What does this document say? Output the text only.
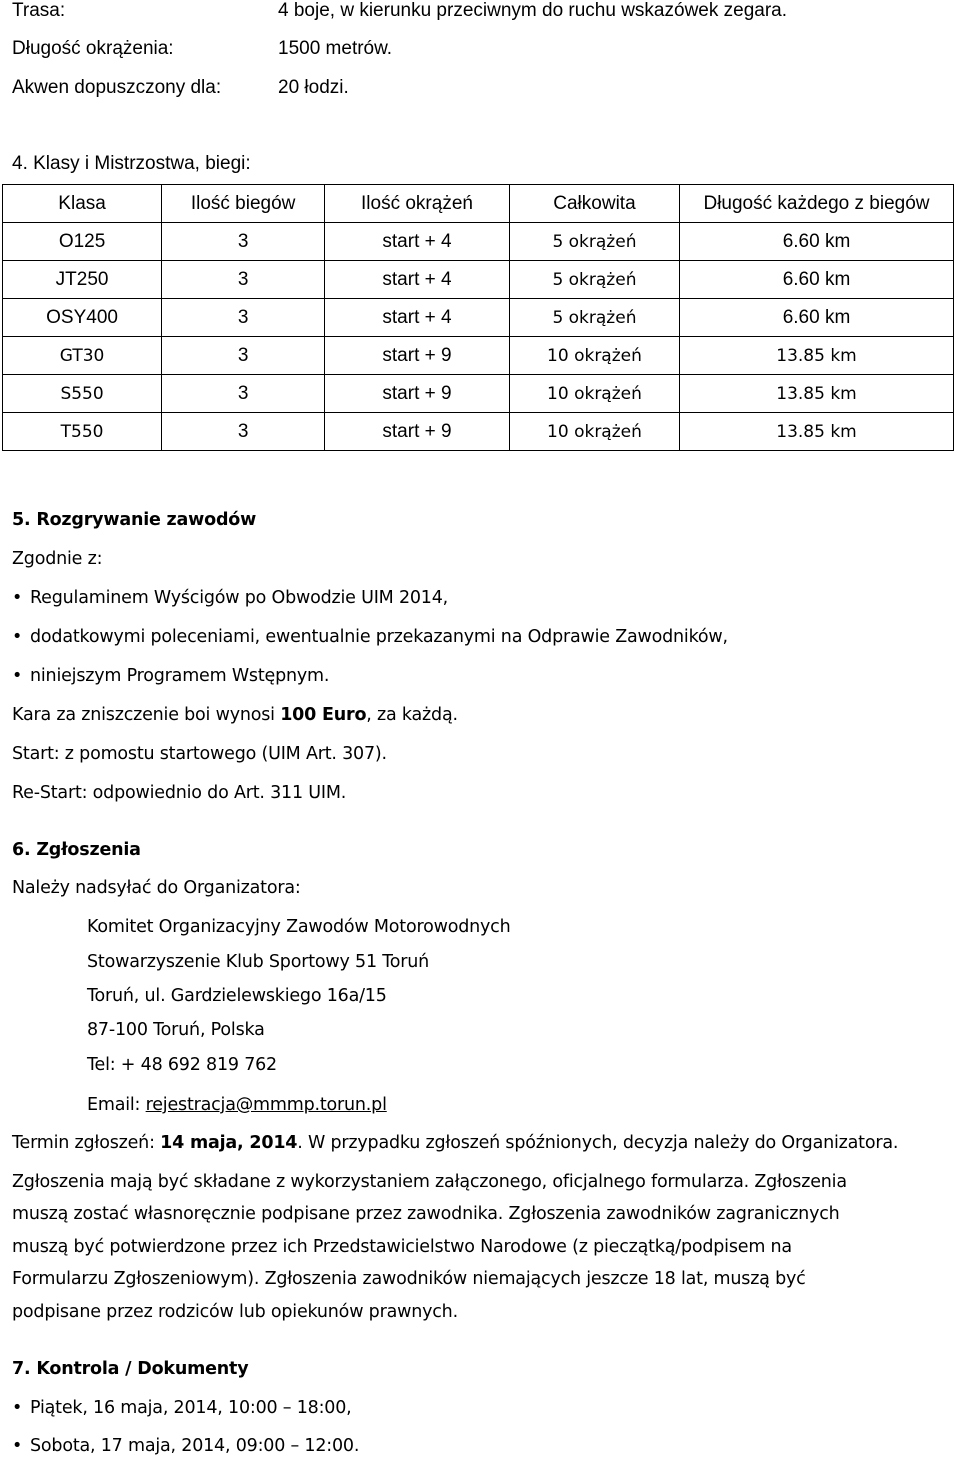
Trasa:	4 boje, w kierunku przeciwnym do ruchu wskazówek zegara.
Długość okrążenia:	1500 metrów.
Akwen dopuszczony dla:	20 łodzi.
4. Klasy i Mistrzostwa, biegi:
Klasa	Ilość biegów	Ilość okrążeń	Całkowita	Długość każdego z biegów
O125	3	start + 4	5 okrążeń	6.60 km
JT250	3	start + 4	5 okrążeń	6.60 km
OSY400	3	start + 4	5 okrążeń	6.60 km
GT30	3	start + 9	10 okrążeń	13.85 km
S550	3	start + 9	10 okrążeń	13.85 km
T550	3	start + 9	10 okrążeń	13.85 km
5. Rozgrywanie zawodów
Zgodnie z:
• Regulaminem Wyścigów po Obwodzie UIM 2014,
• dodatkowymi poleceniami, ewentualnie przekazanymi na Odprawie Zawodników,
• niniejszym Programem Wstępnym.
Kara za zniszczenie boi wynosi 100 Euro, za każdą.
Start: z pomostu startowego (UIM Art. 307).
Re-Start: odpowiednio do Art. 311 UIM.
6. Zgłoszenia
Należy nadsyłać do Organizatora:
Komitet Organizacyjny Zawodów Motorowodnych
Stowarzyszenie Klub Sportowy 51 Toruń
Toruń, ul. Gardzielewskiego 16a/15
87-100 Toruń, Polska
Tel: + 48 692 819 762
Email: rejestracja@mmmp.torun.pl
Termin zgłoszeń: 14 maja, 2014. W przypadku zgłoszeń spóźnionych, decyzja należy do Organizatora.
Zgłoszenia mają być składane z wykorzystaniem załączonego, oficjalnego formularza. Zgłoszenia
muszą zostać własnoręcznie podpisane przez zawodnika. Zgłoszenia zawodników zagranicznych
muszą być potwierdzone przez ich Przedstawicielstwo Narodowe (z pieczątką/podpisem na
Formularzu Zgłoszeniowym). Zgłoszenia zawodników niemających jeszcze 18 lat, muszą być
podpisane przez rodziców lub opiekunów prawnych.
7. Kontrola / Dokumenty
• Piątek, 16 maja, 2014, 10:00 – 18:00,
• Sobota, 17 maja, 2014, 09:00 – 12:00.
